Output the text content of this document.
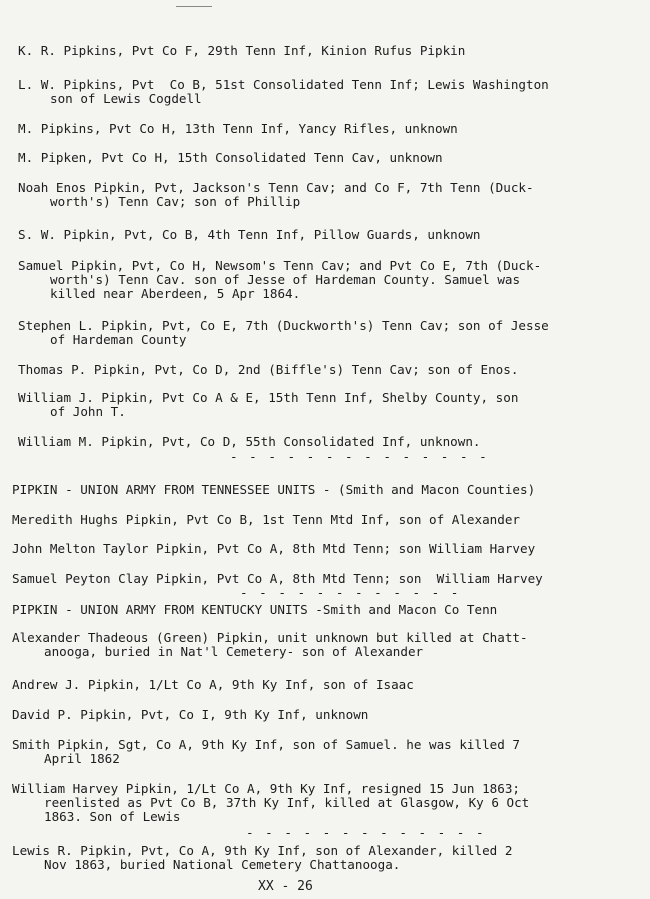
K. R. Pipkins, Pvt Co F, 29th Tenn Inf, Kinion Rufus Pipkin
L. W. Pipkins, Pvt  Co B, 51st Consolidated Tenn Inf; Lewis Washington
son of Lewis Cogdell
M. Pipkins, Pvt Co H, 13th Tenn Inf, Yancy Rifles, unknown
M. Pipken, Pvt Co H, 15th Consolidated Tenn Cav, unknown
Noah Enos Pipkin, Pvt, Jackson's Tenn Cav; and Co F, 7th Tenn (Duck-
worth's) Tenn Cav; son of Phillip
S. W. Pipkin, Pvt, Co B, 4th Tenn Inf, Pillow Guards, unknown
Samuel Pipkin, Pvt, Co H, Newsom's Tenn Cav; and Pvt Co E, 7th (Duck-
worth's) Tenn Cav. son of Jesse of Hardeman County. Samuel was
killed near Aberdeen, 5 Apr 1864.
Stephen L. Pipkin, Pvt, Co E, 7th (Duckworth's) Tenn Cav; son of Jesse
of Hardeman County
Thomas P. Pipkin, Pvt, Co D, 2nd (Biffle's) Tenn Cav; son of Enos.
William J. Pipkin, Pvt Co A & E, 15th Tenn Inf, Shelby County, son
of John T.
William M. Pipkin, Pvt, Co D, 55th Consolidated Inf, unknown.
- - - - - - - - - - - - - -
PIPKIN - UNION ARMY FROM TENNESSEE UNITS - (Smith and Macon Counties)
Meredith Hughs Pipkin, Pvt Co B, 1st Tenn Mtd Inf, son of Alexander
John Melton Taylor Pipkin, Pvt Co A, 8th Mtd Tenn; son William Harvey
Samuel Peyton Clay Pipkin, Pvt Co A, 8th Mtd Tenn; son  William Harvey
- - - - - - - - - - - -
PIPKIN - UNION ARMY FROM KENTUCKY UNITS -Smith and Macon Co Tenn
Alexander Thadeous (Green) Pipkin, unit unknown but killed at Chatt-
anooga, buried in Nat'l Cemetery- son of Alexander
Andrew J. Pipkin, 1/Lt Co A, 9th Ky Inf, son of Isaac
David P. Pipkin, Pvt, Co I, 9th Ky Inf, unknown
Smith Pipkin, Sgt, Co A, 9th Ky Inf, son of Samuel. he was killed 7
April 1862
William Harvey Pipkin, 1/Lt Co A, 9th Ky Inf, resigned 15 Jun 1863;
reenlisted as Pvt Co B, 37th Ky Inf, killed at Glasgow, Ky 6 Oct
1863. Son of Lewis
- - - - - - - - - - - - -
Lewis R. Pipkin, Pvt, Co A, 9th Ky Inf, son of Alexander, killed 2
Nov 1863, buried National Cemetery Chattanooga.
XX - 26
